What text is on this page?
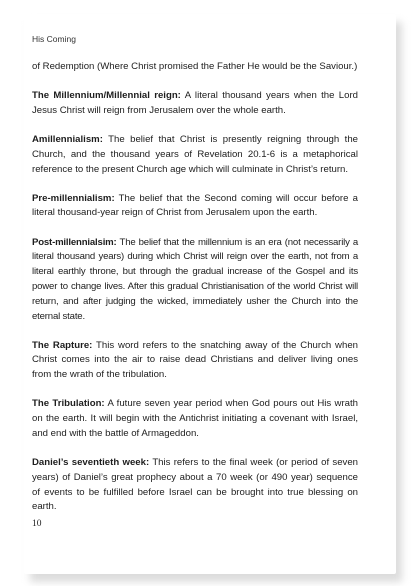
His Coming

of Redemption (Where Christ promised the Father He would be the Saviour.)

The Millennium/Millennial reign: A literal thousand years when the Lord Jesus Christ will reign from Jerusalem over the whole earth.

Amillennialism: The belief that Christ is presently reigning through the Church, and the thousand years of Revelation 20.1-6 is a metaphorical reference to the present Church age which will culminate in Christ’s return.

Pre-millennialism: The belief that the Second coming will occur before a literal thousand-year reign of Christ from Jerusalem upon the earth.

Post-millennialsim: The belief that the millennium is an era (not necessarily a literal thousand years) during which Christ will reign over the earth, not from a literal earthly throne, but through the gradual increase of the Gospel and its power to change lives. After this gradual Christianisation of the world Christ will return, and after judging the wicked, immediately usher the Church into the eternal state.

The Rapture: This word refers to the snatching away of the Church when Christ comes into the air to raise dead Christians and deliver living ones from the wrath of the tribulation.

The Tribulation: A future seven year period when God pours out His wrath on the earth. It will begin with the Antichrist initiating a covenant with Israel, and end with the battle of Armageddon.

Daniel’s seventieth week: This refers to the final week (or period of seven years) of Daniel’s great prophecy about a 70 week (or 490 year) sequence of events to be fulfilled before Israel can be brought into true blessing on earth.

10
